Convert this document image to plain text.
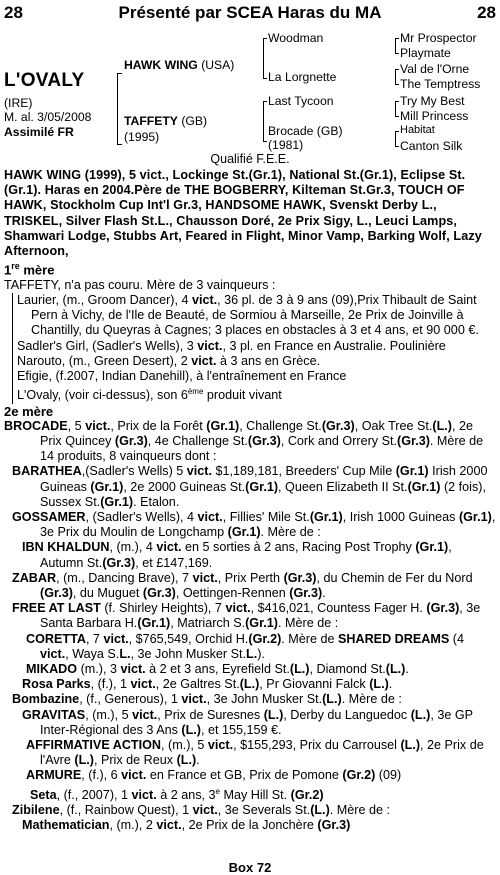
28	Présenté par SCEA Haras du MA	28
L'OVALY
(IRE)
M. al. 3/05/2008
Assimilé FR
HAWK WING (USA)
TAFFETY (GB)
(1995)
Woodman
La Lorgnette
Last Tycoon
Brocade (GB)
(1981)
Mr Prospector
Playmate
Val de l'Orne
The Temptress
Try My Best
Mill Princess
Habitat
Canton Silk
Qualifié F.E.E.

HAWK WING (1999), 5 vict., Lockinge St.(Gr.1), National St.(Gr.1), Eclipse St.(Gr.1). Haras en 2004.Père de THE BOGBERRY, Kilteman St.Gr.3, TOUCH OF HAWK, Stockholm Cup Int'l Gr.3, HANDSOME HAWK, Svenskt Derby L., TRISKEL, Silver Flash St.L., Chausson Doré, 2e Prix Sigy, L., Leuci Lamps, Shamwari Lodge, Stubbs Art, Feared in Flight, Minor Vamp, Barking Wolf, Lazy Afternoon,

1re mère

TAFFETY, n'a pas couru. Mère de 3 vainqueurs :

Laurier, (m., Groom Dancer), 4 vict., 36 pl. de 3 à 9 ans (09),Prix Thibault de Saint Pern à Vichy, de l'Ile de Beauté, de Sormiou à Marseille, 2e Prix de Joinville à Chantilly, du Queyras à Cagnes; 3 places en obstacles à 3 et 4 ans, et 90 000 €.

Sadler's Girl, (Sadler's Wells), 3 vict., 3 pl. en France en Australie. Poulinière

Narouto, (m., Green Desert), 2 vict. à 3 ans en Grèce.

Efigie, (f.2007, Indian Danehill), à l'entraînement en France

L'Ovaly, (voir ci-dessus), son 6ème produit vivant

2e mère

BROCADE, 5 vict., Prix de la Forêt (Gr.1), Challenge St.(Gr.3), Oak Tree St.(L.), 2e Prix Quincey (Gr.3), 4e Challenge St.(Gr.3), Cork and Orrery St.(Gr.3). Mère de 14 produits, 8 vainqueurs dont :

BARATHEA,(Sadler's Wells) 5 vict. $1,189,181, Breeders' Cup Mile (Gr.1) Irish 2000 Guineas (Gr.1), 2e 2000 Guineas St.(Gr.1), Queen Elizabeth II St.(Gr.1) (2 fois), Sussex St.(Gr.1). Etalon.

GOSSAMER, (Sadler's Wells), 4 vict., Fillies' Mile St.(Gr.1), Irish 1000 Guineas (Gr.1), 3e Prix du Moulin de Longchamp (Gr.1). Mère de :

IBN KHALDUN, (m.), 4 vict. en 5 sorties à 2 ans, Racing Post Trophy (Gr.1), Autumn St.(Gr.3), et £147,169.

ZABAR, (m., Dancing Brave), 7 vict., Prix Perth (Gr.3), du Chemin de Fer du Nord (Gr.3), du Muguet (Gr.3), Oettingen-Rennen (Gr.3).

FREE AT LAST (f. Shirley Heights), 7 vict., $416,021, Countess Fager H. (Gr.3), 3e Santa Barbara H.(Gr.1), Matriarch S.(Gr.1). Mère de :

CORETTA, 7 vict., $765,549, Orchid H.(Gr.2). Mère de SHARED DREAMS (4 vict., Waya S.L., 3e John Musker St.L.).

MIKADO (m.), 3 vict. à 2 et 3 ans, Eyrefield St.(L.), Diamond St.(L.).

Rosa Parks, (f.), 1 vict., 2e Galtres St.(L.), Pr Giovanni Falck (L.).

Bombazine, (f., Generous), 1 vict., 3e John Musker St.(L.). Mère de :

GRAVITAS, (m.), 5 vict., Prix de Suresnes (L.), Derby du Languedoc (L.), 3e GP Inter-Régional des 3 Ans (L.), et 155,159 €.

AFFIRMATIVE ACTION, (m.), 5 vict., $155,293, Prix du Carrousel (L.), 2e Prix de l'Avre (L.), Prix de Reux (L.).

ARMURE, (f.), 6 vict. en France et GB, Prix de Pomone (Gr.2) (09)

Seta, (f., 2007), 1 vict. à 2 ans, 3e May Hill St. (Gr.2)

Zibilene, (f., Rainbow Quest), 1 vict., 3e Severals St.(L.). Mère de :

Mathematician, (m.), 2 vict., 2e Prix de la Jonchère (Gr.3)

Box 72
